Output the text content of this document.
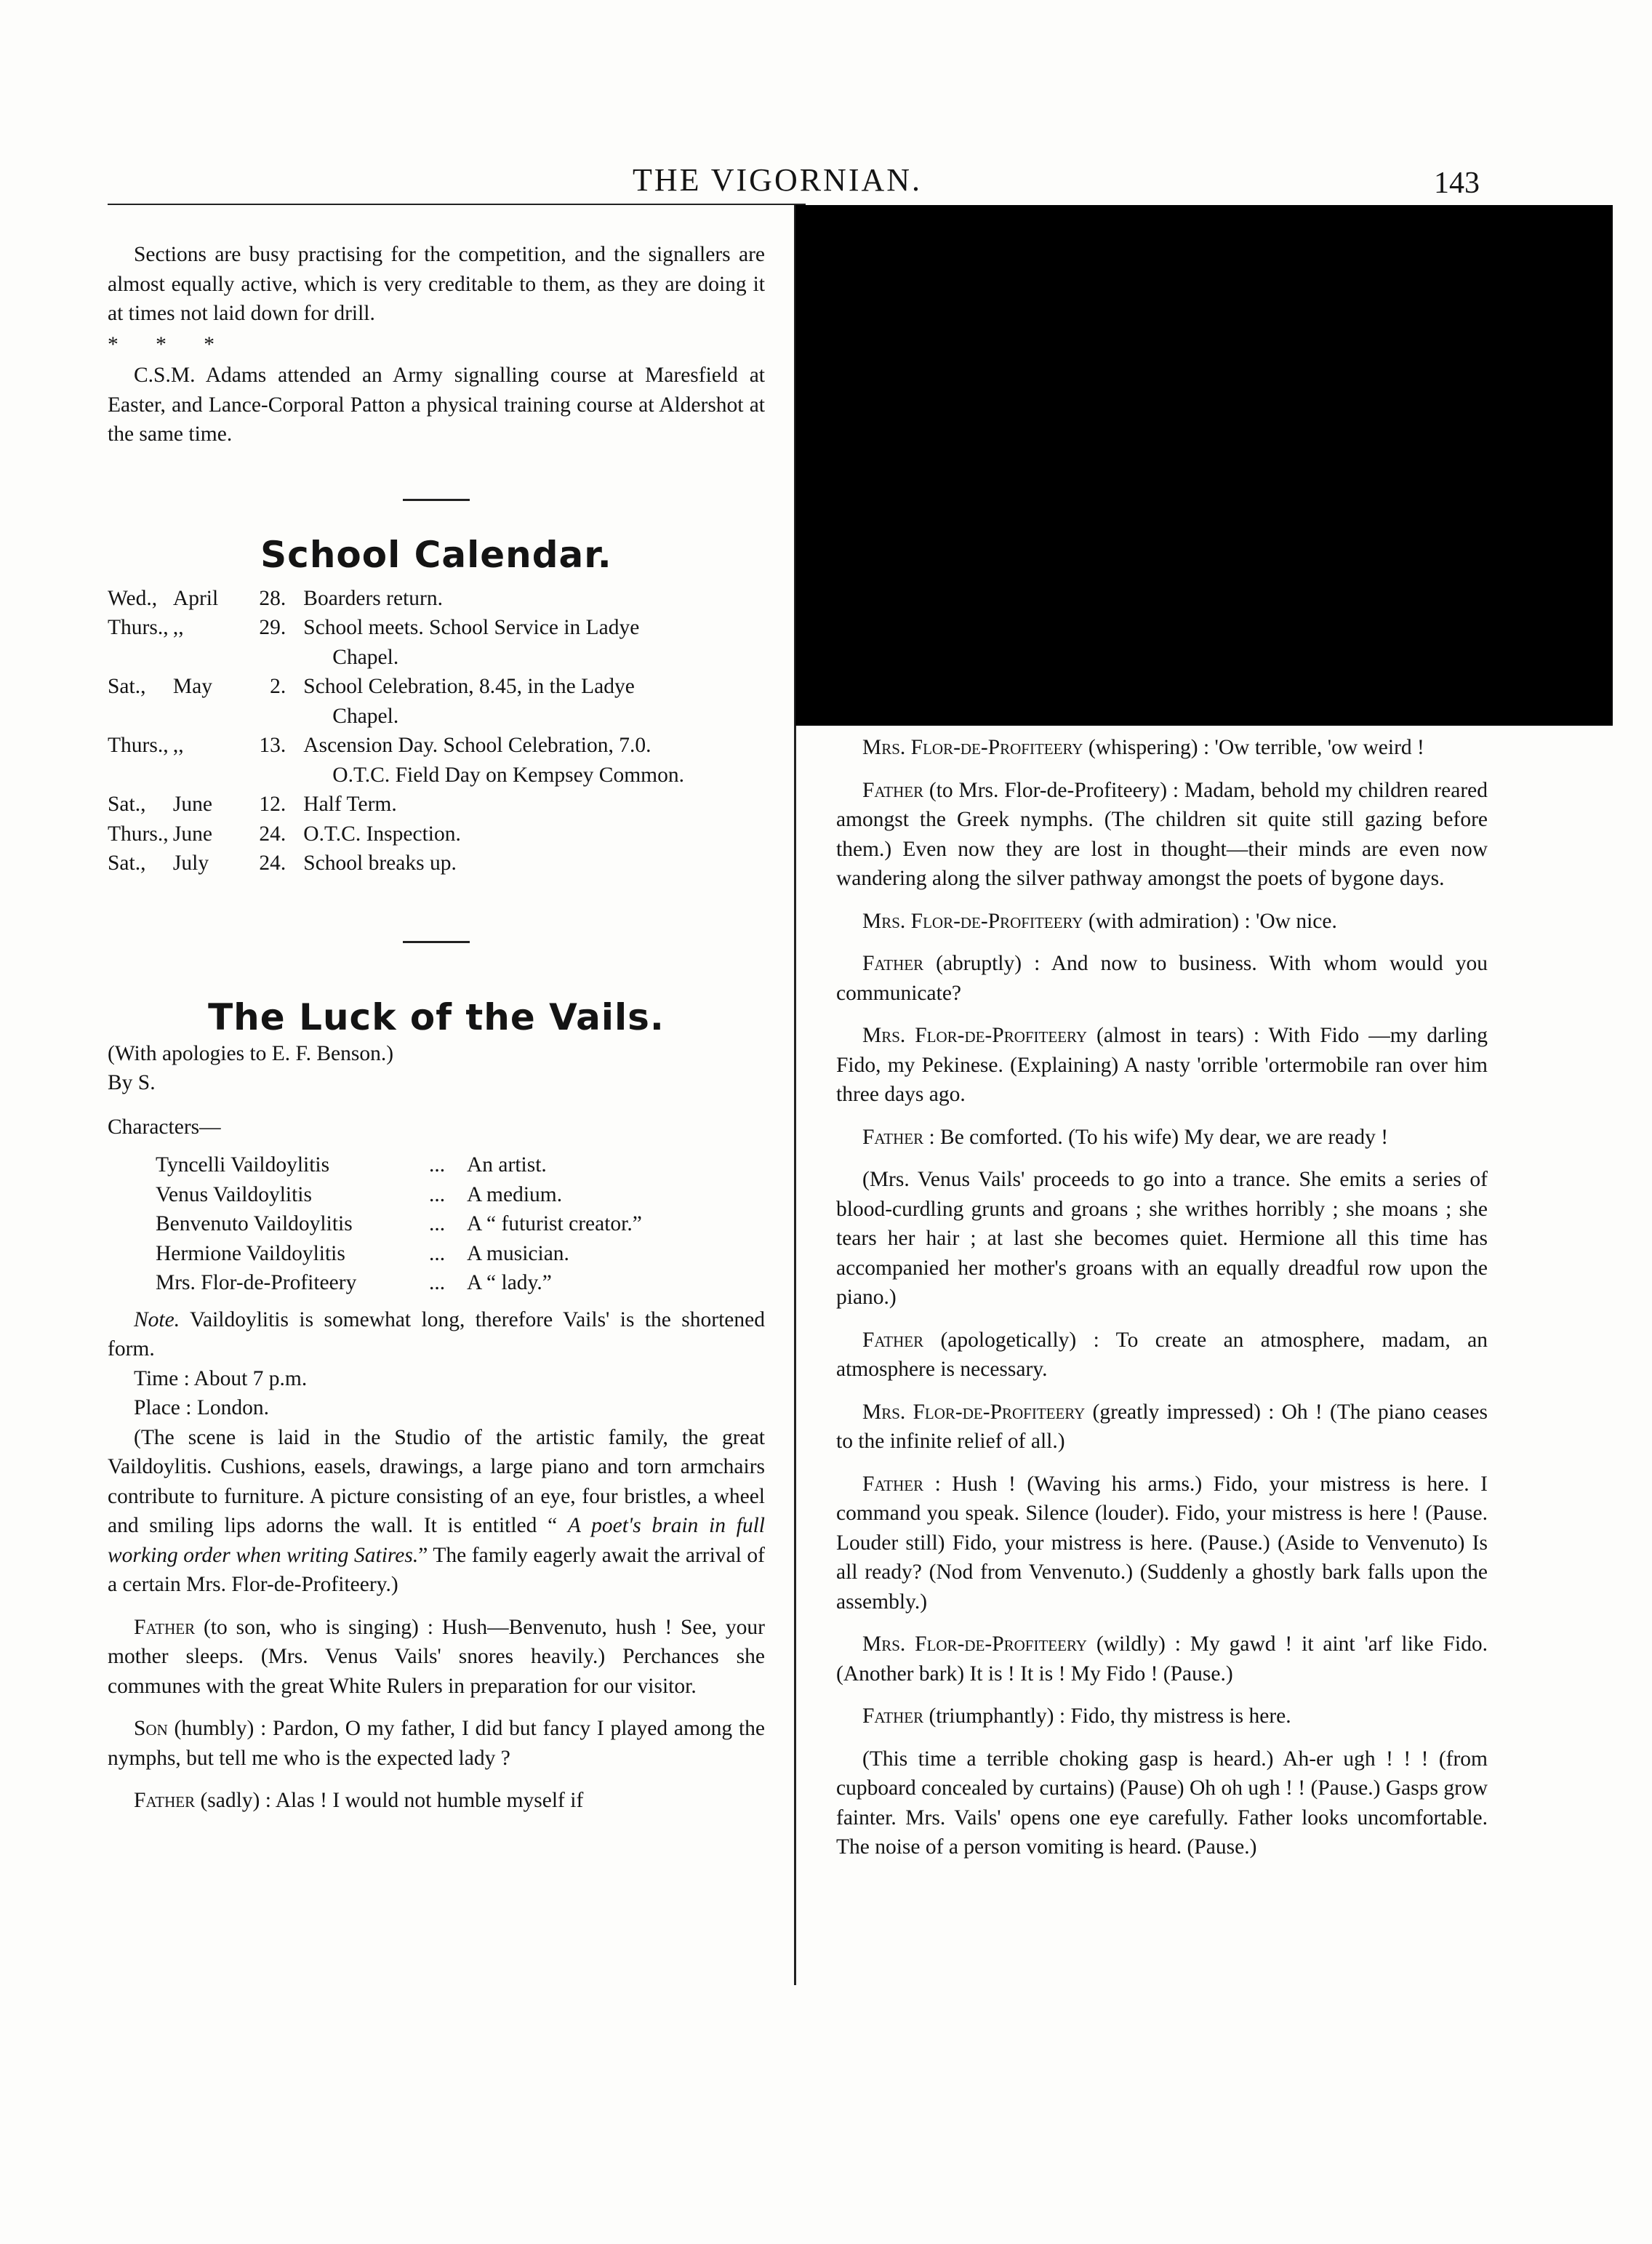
THE VIGORNIAN.	143

Sections are busy practising for the competition, and the signallers are almost equally active, which is very creditable to them, as they are doing it at times not laid down for drill.

* * *

C.S.M. Adams attended an Army signalling course at Maresfield at Easter, and Lance-Corporal Patton a physical training course at Aldershot at the same time.

School Calendar.
Wed.,	April	28.	Boarders return.

Thurs.,	,,	29.	School meets. School Service in Ladye
Chapel.

Sat.,	May	2.	School Celebration, 8.45, in the Ladye
Chapel.

Thurs.,	,,	13.	Ascension Day. School Celebration, 7.0.
O.T.C. Field Day on Kempsey Common.

Sat.,	June	12.	Half Term.

Thurs.,	June	24.	O.T.C. Inspection.

Sat.,	July	24.	School breaks up.
The Luck of the Vails.

(With apologies to E. F. Benson.)

By S.

Characters—

Tyncelli Vaildoylitis	...	An artist.
Venus Vaildoylitis	...	A medium.
Benvenuto Vaildoylitis	...	A “ futurist creator.”
Hermione Vaildoylitis	...	A musician.
Mrs. Flor-de-Profiteery	...	A “ lady.”

Note. Vaildoylitis is somewhat long, therefore Vails' is the shortened form.

Time : About 7 p.m.

Place : London.

(The scene is laid in the Studio of the artistic family, the great Vaildoylitis. Cushions, easels, drawings, a large piano and torn armchairs contribute to furniture. A picture consisting of an eye, four bristles, a wheel and smiling lips adorns the wall. It is entitled “ A poet's brain in full working order when writing Satires.” The family eagerly await the arrival of a certain Mrs. Flor-de-Profiteery.)

Father (to son, who is singing) : Hush—Benvenuto, hush ! See, your mother sleeps. (Mrs. Venus Vails' snores heavily.) Perchances she communes with the great White Rulers in preparation for our visitor.

Son (humbly) : Pardon, O my father, I did but fancy I played among the nymphs, but tell me who is the expected lady ?

Father (sadly) : Alas ! I would not humble myself if

Mrs. Flor-de-Profiteery (whispering) : 'Ow terrible, 'ow weird !

Father (to Mrs. Flor-de-Profiteery) : Madam, behold my children reared amongst the Greek nymphs. (The children sit quite still gazing before them.) Even now they are lost in thought—their minds are even now wandering along the silver pathway amongst the poets of bygone days.

Mrs. Flor-de-Profiteery (with admiration) : 'Ow nice.

Father (abruptly) : And now to business. With whom would you communicate?

Mrs. Flor-de-Profiteery (almost in tears) : With Fido —my darling Fido, my Pekinese. (Explaining) A nasty 'orrible 'ortermobile ran over him three days ago.

Father : Be comforted. (To his wife) My dear, we are ready !

(Mrs. Venus Vails' proceeds to go into a trance. She emits a series of blood-curdling grunts and groans ; she writhes horribly ; she moans ; she tears her hair ; at last she becomes quiet. Hermione all this time has accompanied her mother's groans with an equally dreadful row upon the piano.)

Father (apologetically) : To create an atmosphere, madam, an atmosphere is necessary.

Mrs. Flor-de-Profiteery (greatly impressed) : Oh ! (The piano ceases to the infinite relief of all.)

Father : Hush ! (Waving his arms.) Fido, your mistress is here. I command you speak. Silence (louder). Fido, your mistress is here ! (Pause. Louder still) Fido, your mistress is here. (Pause.) (Aside to Venvenuto) Is all ready? (Nod from Venvenuto.) (Suddenly a ghostly bark falls upon the assembly.)

Mrs. Flor-de-Profiteery (wildly) : My gawd ! it aint 'arf like Fido. (Another bark) It is ! It is ! My Fido ! (Pause.)

Father (triumphantly) : Fido, thy mistress is here.

(This time a terrible choking gasp is heard.) Ah-er ugh ! ! ! (from cupboard concealed by curtains) (Pause) Oh oh ugh ! ! (Pause.) Gasps grow fainter. Mrs. Vails' opens one eye carefully. Father looks uncomfortable. The noise of a person vomiting is heard. (Pause.)
